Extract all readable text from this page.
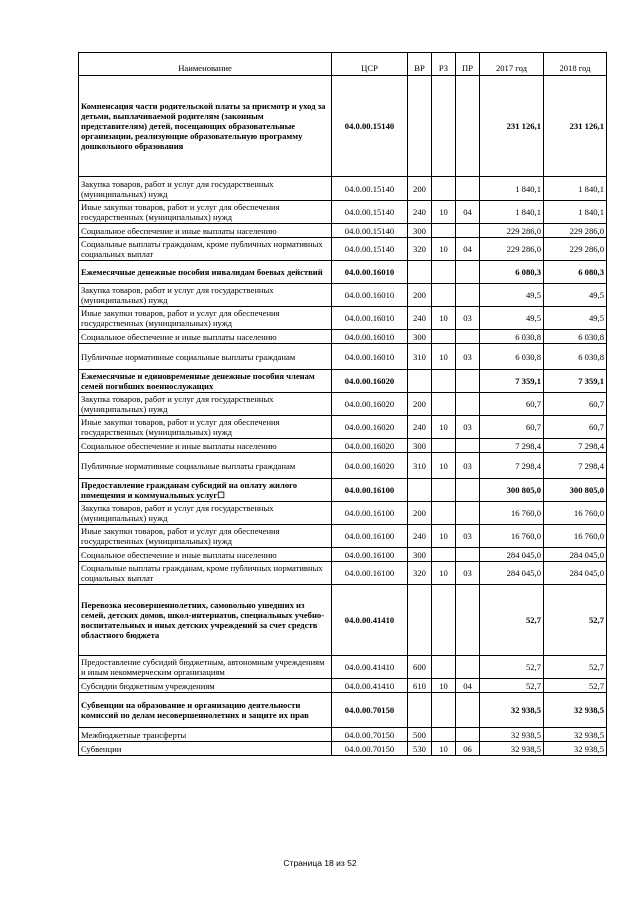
Наименование	ЦСР	ВР	РЗ	ПР	2017 год	2018 год

Компенсация части родительской платы за присмотр и уход за детьми, выплачиваемой родителям (законным представителям) детей, посещающих образовательные организации, реализующие образовательную программу дошкольного образования	04.0.00.15140				231 126,1	231 126,1
Закупка товаров, работ и услуг для государственных (муниципальных) нужд	04.0.00.15140	200			1 840,1	1 840,1
Иные закупки товаров, работ и услуг для обеспечения государственных (муниципальных) нужд	04.0.00.15140	240	10	04	1 840,1	1 840,1
Социальное обеспечение и иные выплаты населению	04.0.00.15140	300			229 286,0	229 286,0
Социальные выплаты гражданам, кроме публичных нормативных социальных выплат	04.0.00.15140	320	10	04	229 286,0	229 286,0
Ежемесячные денежные пособия инвалидам боевых действий	04.0.00.16010				6 080,3	6 080,3
Закупка товаров, работ и услуг для государственных (муниципальных) нужд	04.0.00.16010	200			49,5	49,5
Иные закупки товаров, работ и услуг для обеспечения государственных (муниципальных) нужд	04.0.00.16010	240	10	03	49,5	49,5
Социальное обеспечение и иные выплаты населению	04.0.00.16010	300			6 030,8	6 030,8
Публичные нормативные социальные выплаты гражданам	04.0.00.16010	310	10	03	6 030,8	6 030,8
Ежемесячные и единовременные денежные пособия членам семей погибших военнослужащих	04.0.00.16020				7 359,1	7 359,1
Закупка товаров, работ и услуг для государственных (муниципальных) нужд	04.0.00.16020	200			60,7	60,7
Иные закупки товаров, работ и услуг для обеспечения государственных (муниципальных) нужд	04.0.00.16020	240	10	03	60,7	60,7
Социальное обеспечение и иные выплаты населению	04.0.00.16020	300			7 298,4	7 298,4
Публичные нормативные социальные выплаты гражданам	04.0.00.16020	310	10	03	7 298,4	7 298,4
Предоставление гражданам субсидий на оплату жилого помещения и коммунальных услуг☐	04.0.00.16100				300 805,0	300 805,0
Закупка товаров, работ и услуг для государственных (муниципальных) нужд	04.0.00.16100	200			16 760,0	16 760,0
Иные закупки товаров, работ и услуг для обеспечения государственных (муниципальных) нужд	04.0.00.16100	240	10	03	16 760,0	16 760,0
Социальное обеспечение и иные выплаты населению	04.0.00.16100	300			284 045,0	284 045,0
Социальные выплаты гражданам, кроме публичных нормативных социальных выплат	04.0.00.16100	320	10	03	284 045,0	284 045,0
Перевозка несовершеннолетних, самовольно ушедших из семей, детских домов, школ-интернатов, специальных учебно-воспитательных и иных детских учреждений за счет средств областного бюджета	04.0.00.41410				52,7	52,7
Предоставление субсидий бюджетным, автономным учреждениям и иным некоммерческим организациям	04.0.00.41410	600			52,7	52,7
Субсидии бюджетным учреждениям	04.0.00.41410	610	10	04	52,7	52,7
Субвенции на образование и организацию деятельности комиссий по делам несовершеннолетних и защите их прав	04.0.00.70150				32 938,5	32 938,5
Межбюджетные трансферты	04.0.00.70150	500			32 938,5	32 938,5
Субвенции	04.0.00.70150	530	10	06	32 938,5	32 938,5
Страница 18 из 52
